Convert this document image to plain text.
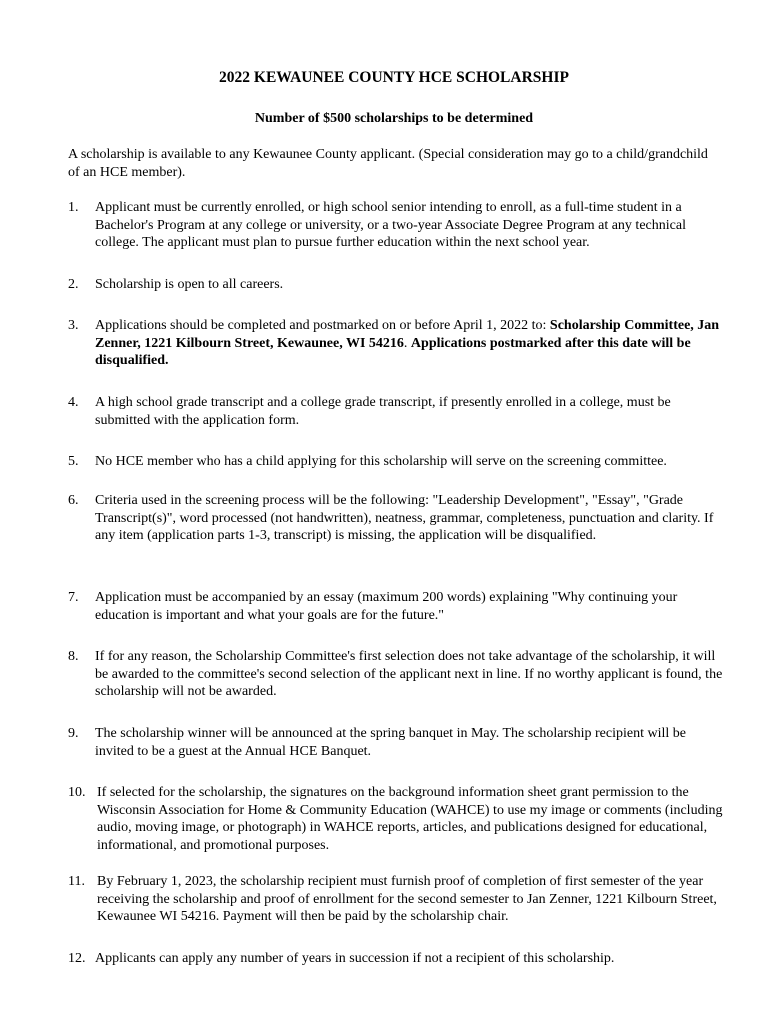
2022 KEWAUNEE COUNTY HCE SCHOLARSHIP
Number of $500 scholarships to be determined
A scholarship is available to any Kewaunee County applicant. (Special consideration may go to a child/grandchild of an HCE member).
1. Applicant must be currently enrolled, or high school senior intending to enroll, as a full-time student in a Bachelor's Program at any college or university, or a two-year Associate Degree Program at any technical college. The applicant must plan to pursue further education within the next school year.
2. Scholarship is open to all careers.
3. Applications should be completed and postmarked on or before April 1, 2022 to: Scholarship Committee, Jan Zenner, 1221 Kilbourn Street, Kewaunee, WI 54216. Applications postmarked after this date will be disqualified.
4. A high school grade transcript and a college grade transcript, if presently enrolled in a college, must be submitted with the application form.
5. No HCE member who has a child applying for this scholarship will serve on the screening committee.
6. Criteria used in the screening process will be the following: "Leadership Development", "Essay", "Grade Transcript(s)", word processed (not handwritten), neatness, grammar, completeness, punctuation and clarity. If any item (application parts 1-3, transcript) is missing, the application will be disqualified.
7. Application must be accompanied by an essay (maximum 200 words) explaining "Why continuing your education is important and what your goals are for the future."
8. If for any reason, the Scholarship Committee's first selection does not take advantage of the scholarship, it will be awarded to the committee's second selection of the applicant next in line. If no worthy applicant is found, the scholarship will not be awarded.
9. The scholarship winner will be announced at the spring banquet in May. The scholarship recipient will be invited to be a guest at the Annual HCE Banquet.
10. If selected for the scholarship, the signatures on the background information sheet grant permission to the Wisconsin Association for Home & Community Education (WAHCE) to use my image or comments (including audio, moving image, or photograph) in WAHCE reports, articles, and publications designed for educational, informational, and promotional purposes.
11. By February 1, 2023, the scholarship recipient must furnish proof of completion of first semester of the year receiving the scholarship and proof of enrollment for the second semester to Jan Zenner, 1221 Kilbourn Street, Kewaunee WI 54216. Payment will then be paid by the scholarship chair.
12. Applicants can apply any number of years in succession if not a recipient of this scholarship.
